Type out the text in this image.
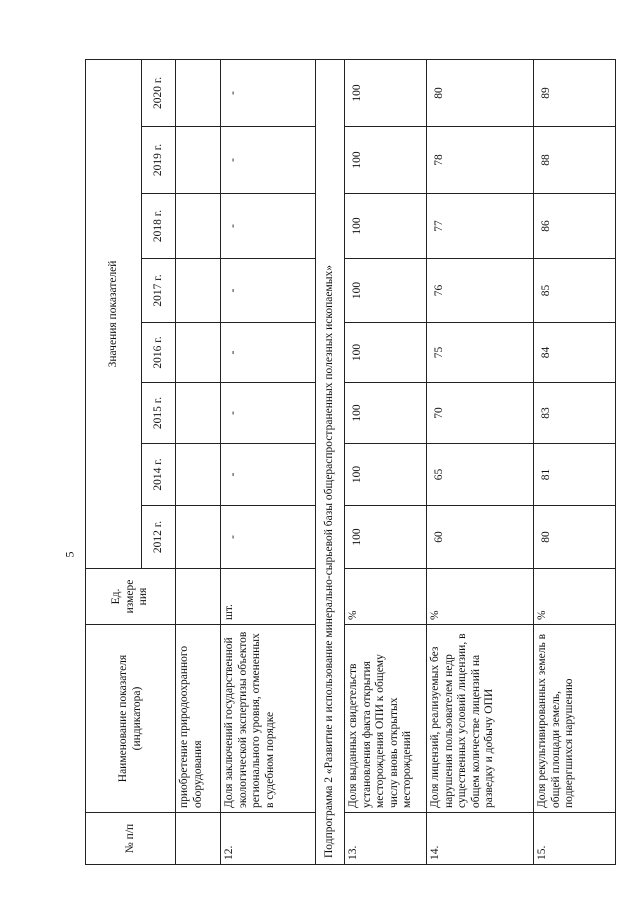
5
№ п/п	Наименование показателя (индикатора)	Ед. измере ния	Значения показателей							
			2012 г.	2014 г.	2015 г.	2016 г.	2017 г.	2018 г.	2019 г.	2020 г.
	приобретение природоохранного оборудования									
12.	Доля заключений государственной экологической экспертизы объектов регионального уровня, отмененных в судебном порядке	шт.	-	-	-	-	-	-	-	-
Подпрограмма 2 «Развитие и использование минерально-сырьевой базы общераспространенных полезных ископаемых»										
13.	Доля выданных свидетельств установления факта открытия месторождения ОПИ к общему числу вновь открытых месторождений	%	100	100	100	100	100	100	100	100
14.	Доля лицензий, реализуемых без нарушения пользователем недр существенных условий лицензии, в общем количестве лицензий на разведку и добычу ОПИ	%	60	65	70	75	76	77	78	80
15.	Доля рекультивированных земель в общей площади земель, подвергшихся нарушению	%	80	81	83	84	85	86	88	89
